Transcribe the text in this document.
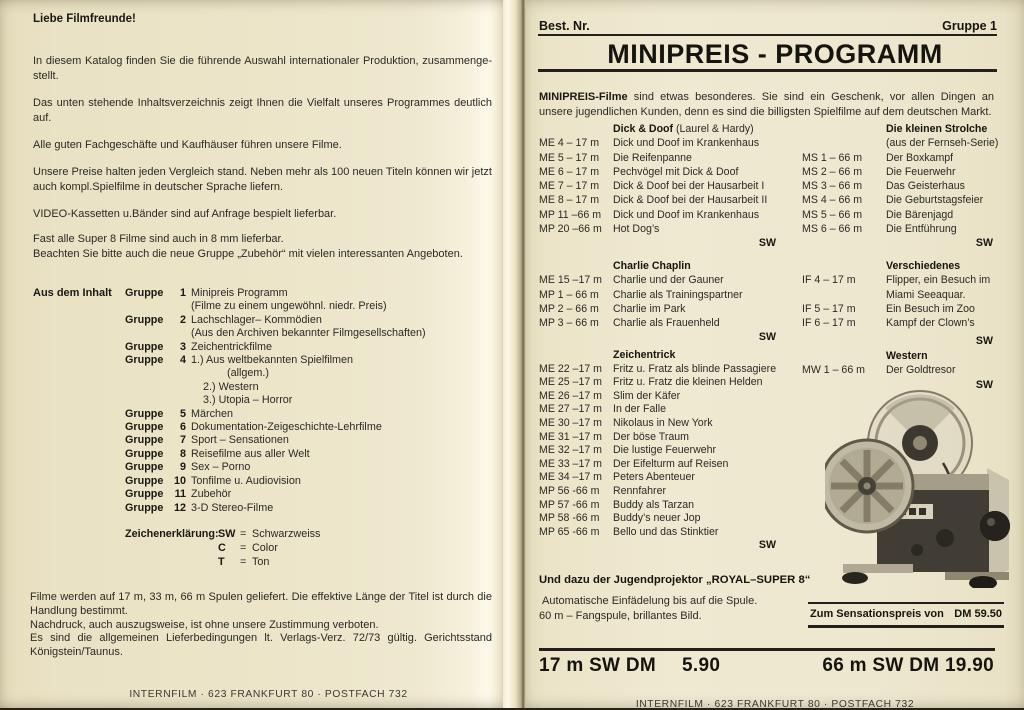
Liebe Filmfreunde!

In diesem Katalog finden Sie die führende Auswahl internationaler Produktion, zusammenge-stellt.

Das unten stehende Inhaltsverzeichnis zeigt Ihnen die Vielfalt unseres Programmes deutlich auf.

Alle guten Fachgeschäfte und Kaufhäuser führen unsere Filme.

Unsere Preise halten jeden Vergleich stand. Neben mehr als 100 neuen Titeln können wir jetzt auch kompl.Spielfilme in deutscher Sprache liefern.

VIDEO-Kassetten u.Bänder sind auf Anfrage bespielt lieferbar.

Fast alle Super 8 Filme sind auch in 8 mm lieferbar.

Beachten Sie bitte auch die neue Gruppe „Zubehör“ mit vielen interessanten Angeboten.

Aus dem Inhalt Gruppe	1 Minipreis Programm
(Filme zu einem ungewöhnl. niedr. Preis)
Gruppe	2 Lachschlager– Kommödien
(Aus den Archiven bekannter Filmgesellschaften)
Gruppe	3 Zeichentrickfilme
Gruppe	4 1.) Aus weltbekannten Spielfilmen
(allgem.)
2.) Western
3.) Utopia – Horror
Gruppe	5 Märchen
Gruppe	6 Dokumentation-Zeigeschichte-Lehrfilme
Gruppe	7 Sport – Sensationen
Gruppe	8 Reisefilme aus aller Welt
Gruppe	9 Sex – Porno
Gruppe 10 Tonfilme u. Audiovision
Gruppe	11 Zubehör
Gruppe 12 3-D Stereo-Filme
Zeichenerklärung: SW = Schwarzweiss
C	= Color
T	= Ton

Filme werden auf 17 m, 33 m, 66 m Spulen geliefert. Die effektive Länge der Titel ist durch die Handlung bestimmt.

Nachdruck, auch auszugsweise, ist ohne unsere Zustimmung verboten.

Es sind die allgemeinen Lieferbedingungen lt. Verlags-Verz. 72/73 gültig. Gerichtsstand Königstein/Taunus.

INTERNFILM · 623 FRANKFURT 80 · POSTFACH 732
Best. Nr.	Gruppe 1
MINIPREIS - PROGRAMM

MINIPREIS-Filme sind etwas besonderes. Sie sind ein Geschenk, vor allen Dingen an unsere jugendlichen Kunden, denn es sind die billigsten Spielfilme auf dem deutschen Markt.

Dick & Doof (Laurel & Hardy)
ME 4 – 17 m Dick und Doof im Krankenhaus
ME 5 – 17 m Die Reifenpanne
ME 6 – 17 m Pechvögel mit Dick & Doof
ME 7 – 17 m Dick & Doof bei der Hausarbeit I
ME 8 – 17 m Dick & Doof bei der Hausarbeit II
MP 11 –66 m Dick und Doof im Krankenhaus
MP 20 –66 m Hot Dog’s
SW
Die kleinen Strolche
(aus der Fernseh-Serie)
MS 1 – 66 m Der Boxkampf
MS 2 – 66 m Die Feuerwehr
MS 3 – 66 m Das Geisterhaus
MS 4 – 66 m Die Geburtstagsfeier
MS 5 – 66 m Die Bärenjagd
MS 6 – 66 m Die Entführung
SW
Charlie Chaplin
ME 15 –17 m Charlie und der Gauner
MP 1 – 66 m Charlie als Trainingspartner
MP 2 – 66 m Charlie im Park
MP 3 – 66 m Charlie als Frauenheld
SW
Verschiedenes
IF 4 – 17 m	Flipper, ein Besuch im
Miami Seeaquar.
IF 5 – 17 m	Ein Besuch im Zoo
IF 6 – 17 m	Kampf der Clown’s
SW
Zeichentrick
ME 22 –17 m Fritz u. Fratz als blinde Passagiere
ME 25 –17 m Fritz u. Fratz die kleinen Helden
ME 26 –17 m Slim der Käfer
ME 27 –17 m In der Falle
ME 30 –17 m Nikolaus in New York
ME 31 –17 m Der böse Traum
ME 32 –17 m Die lustige Feuerwehr
ME 33 –17 m Der Eifelturm auf Reisen
ME 34 –17 m Peters Abenteuer
MP 56 -66 m Rennfahrer
MP 57 -66 m Buddy als Tarzan
MP 58 -66 m Buddy’s neuer Jop
MP 65 -66 m Bello und das Stinktier
SW
Western
MW 1 – 66 m Der Goldtresor
SW
Und dazu der Jugendprojektor „ROYAL–SUPER 8“
Automatische Einfädelung bis auf die Spule.
60 m – Fangspule, brillantes Bild.	Zum Sensationspreis von DM 59.50
17 m SW DM 5.90	66 m SW DM 19.90
INTERNFILM · 623 FRANKFURT 80 · POSTFACH 732
